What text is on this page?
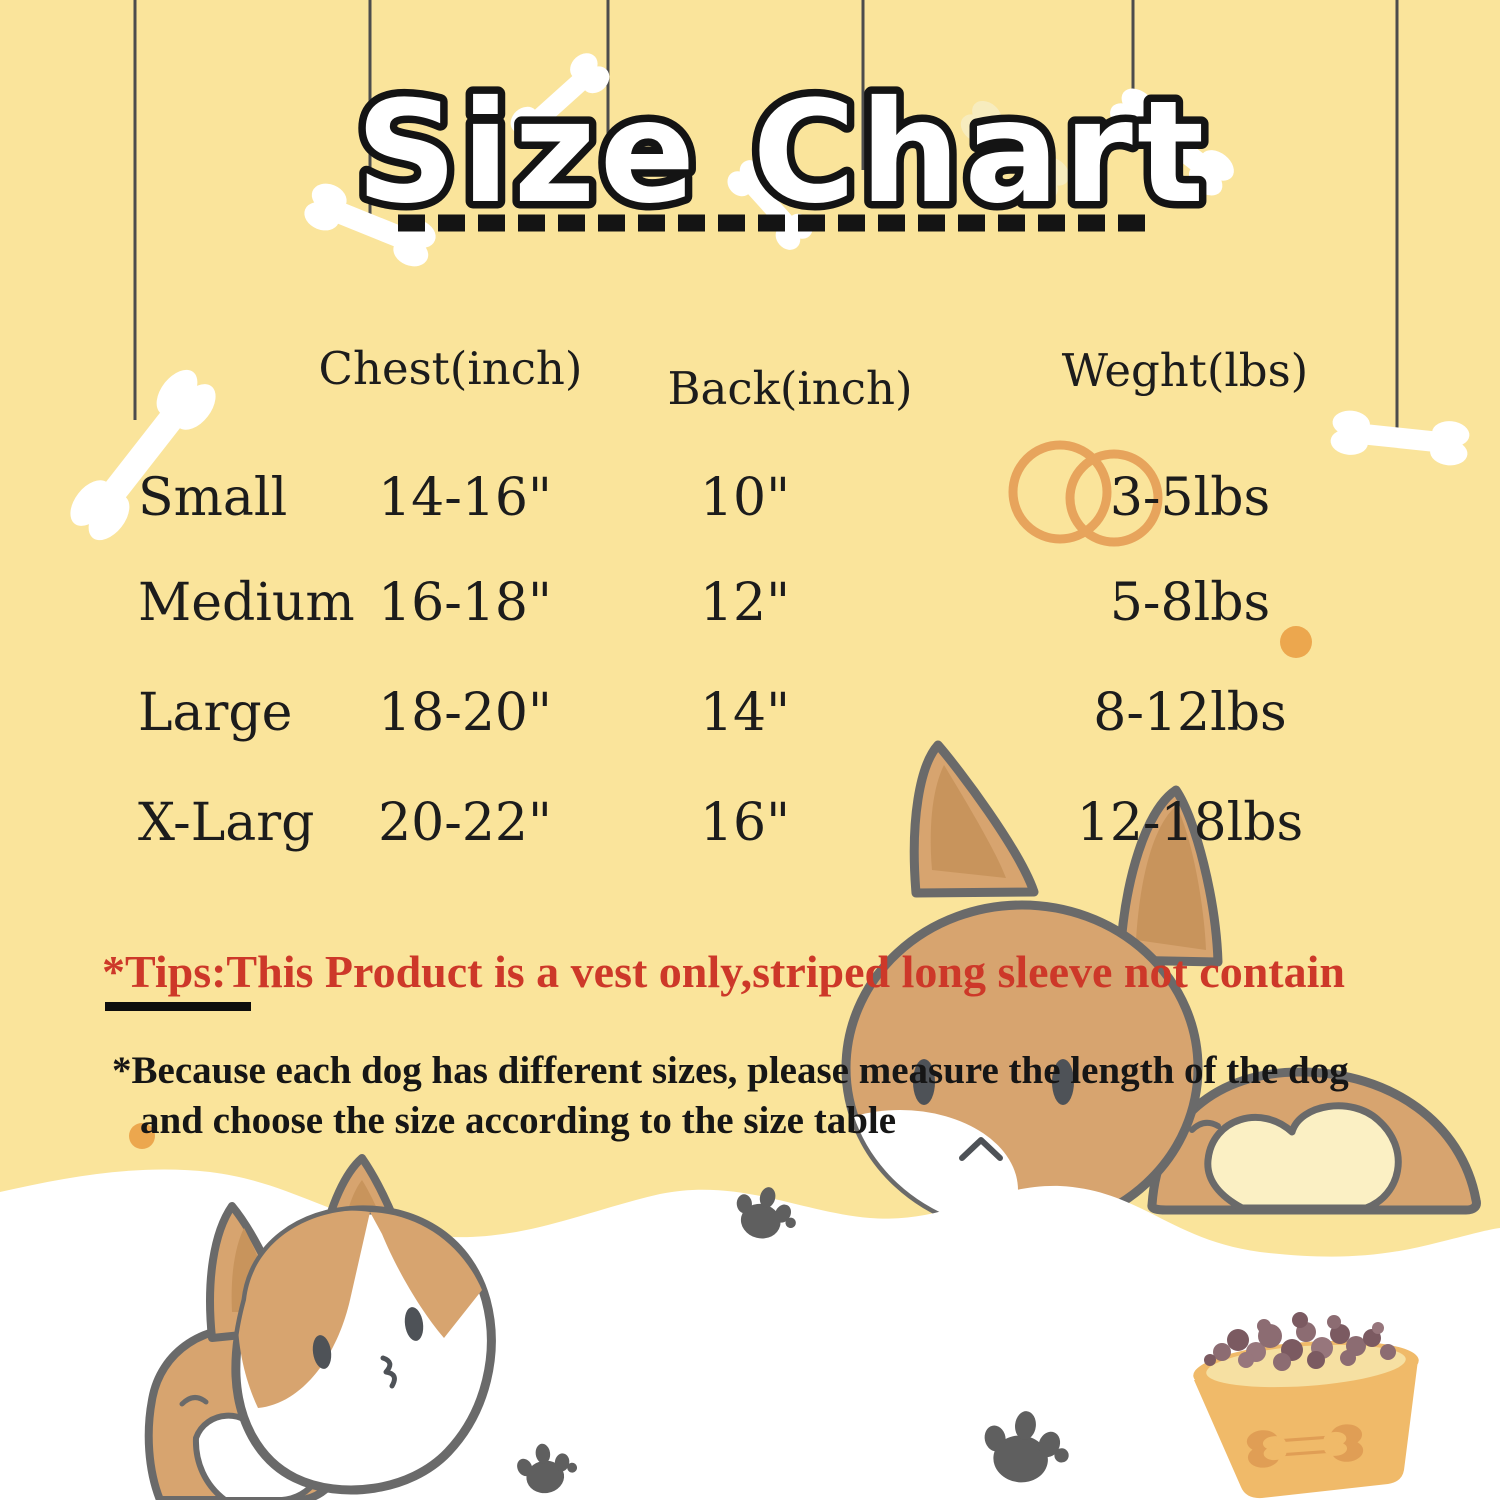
Size Chart
Chest(inch)	Back(inch)	Weght(lbs)
Small	14-16"	10"	3-5lbs
Medium 16-18"	12"	5-8lbs
Large	18-20"	14"	8-12lbs
X-Larg	20-22"	16"	12-18lbs
*Tips:This Product is a vest only,striped long sleeve not contain
*Because each dog has different sizes, please measure the length of the dog
and choose the size according to the size table
